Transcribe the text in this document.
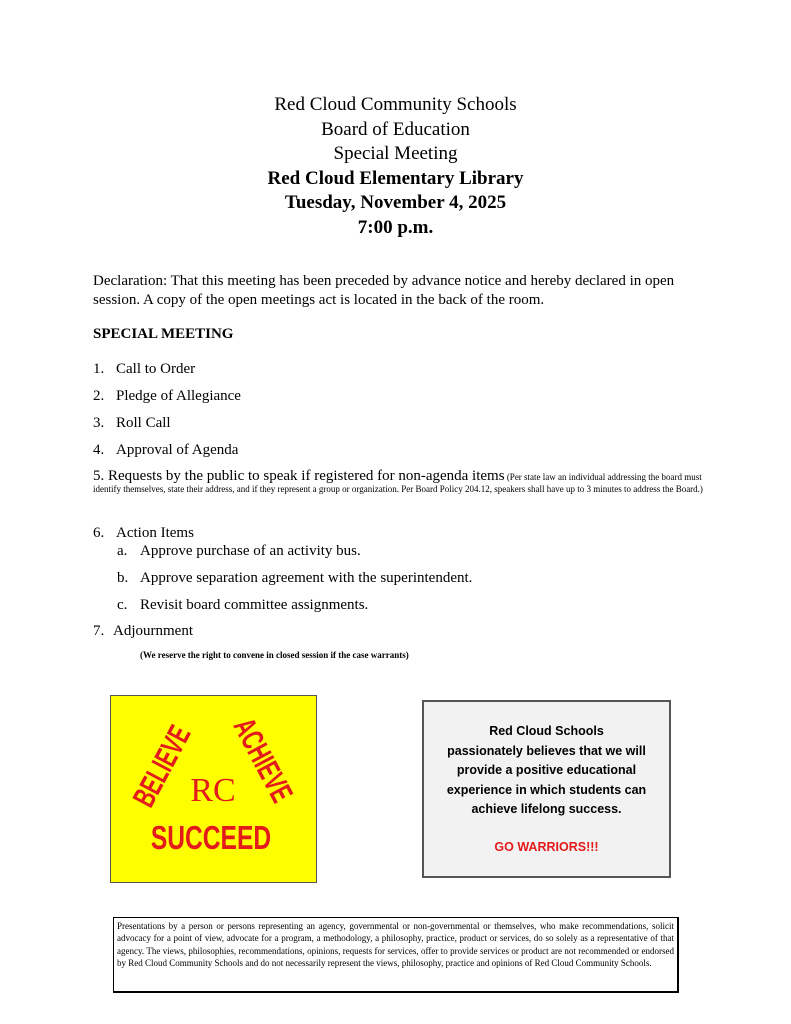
Red Cloud Community Schools
Board of Education
Special Meeting
Red Cloud Elementary Library
Tuesday, November 4, 2025
7:00 p.m.
Declaration: That this meeting has been preceded by advance notice and hereby declared in open session. A copy of the open meetings act is located in the back of the room.
SPECIAL MEETING
1. Call to Order
2. Pledge of Allegiance
3. Roll Call
4. Approval of Agenda
5. Requests by the public to speak if registered for non-agenda items (Per state law an individual addressing the board must identify themselves, state their address, and if they represent a group or organization. Per Board Policy 204.12, speakers shall have up to 3 minutes to address the Board.)
6. Action Items
a. Approve purchase of an activity bus.
b. Approve separation agreement with the superintendent.
c. Revisit board committee assignments.
7. Adjournment
(We reserve the right to convene in closed session if the case warrants)
BELIEVE ACHIEVE
RC
SUCCEED
Red Cloud Schools
passionately believes that we will
provide a positive educational
experience in which students can
achieve lifelong success.
GO WARRIORS!!!
Presentations by a person or persons representing an agency, governmental or non-governmental or themselves, who make recommendations, solicit advocacy for a point of view, advocate for a program, a methodology, a philosophy, practice, product or services, do so solely as a representative of that agency. The views, philosophies, recommendations, opinions, requests for services, offer to provide services or product are not recommended or endorsed by Red Cloud Community Schools and do not necessarily represent the views, philosophy, practice and opinions of Red Cloud Community Schools.
